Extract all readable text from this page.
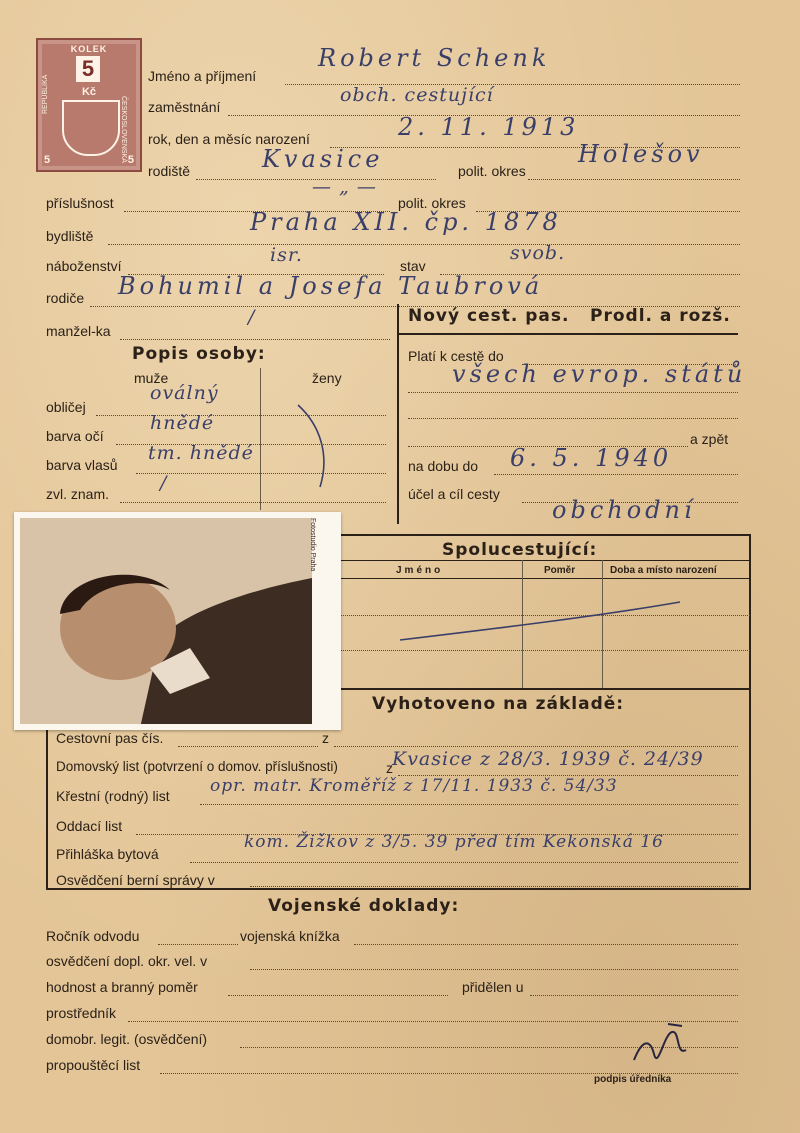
KOLEK
5
Kč
5	5
REPUBLIKA
ČESKOSLOVENSKÁ
Jméno a příjmení
Robert Schenk
zaměstnání
obch. cestující
rok, den a měsíc narození	2. 11. 1913
rodiště	Kvasice	polit. okres
Holešov
příslušnost
— „ —
polit. okres
bydliště	Praha XII. čp. 1878
náboženství	isr.	stav
svob.
rodiče Bohumil a Josefa Taubrová
manžel-ka
/	Nový cest. pas. Prodl. a rozš.
Popis osoby:
muže	ženy
obličej
oválný
barva očí
hnědé
barva vlasů
tm. hnědé
zvl. znam.	/
Platí k cestě do
všech evrop. států
a zpět
na dobu do 6. 5. 1940
účel a cíl cesty
obchodní
Spolucestující:
Jméno	Poměr	Doba a místo narození
Vyhotoveno na základě:
Cestovní pas čís.	z
Domovský list (potvrzení o domov. příslušnosti)	z Kvasice z 28/3. 1939 č. 24/39
Křestní (rodný) list opr. matr. Kroměříž z 17/11. 1933 č. 54/33
Oddací list
Přihláška bytová
kom. Žižkov z 3/5. 39 před tím Kekonská 16
Osvědčení berní správy v
Vojenské doklady:
Ročník odvodu	vojenská knížka
osvědčení dopl. okr. vel. v
hodnost a branný poměr	přidělen u
prostředník
domobr. legit. (osvědčení)
propouštěcí list
podpis úředníka
Fotostudio Praha
